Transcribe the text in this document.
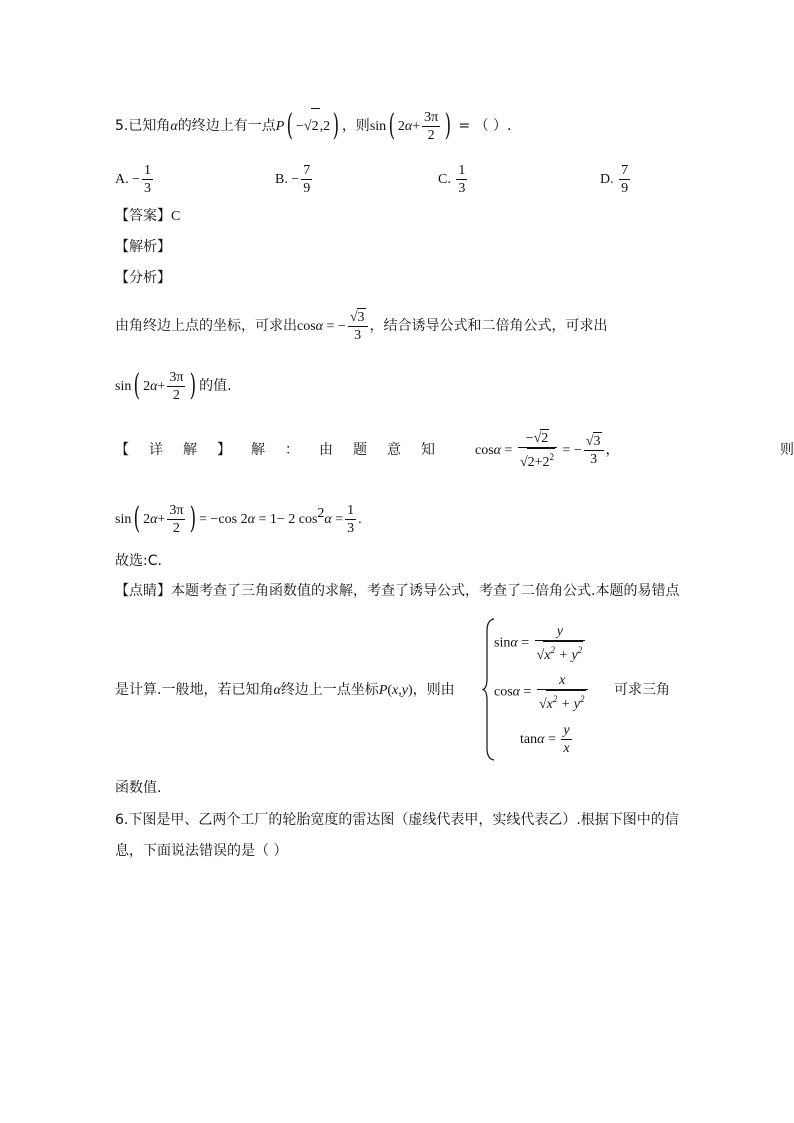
5.已知角α的终边上有一点P( −√2,2) ，则sin( $2\alpha+ \frac{3\pi}{2}$ ) = （ ）.
A. − $\frac{1}{3}$	B. − $\frac{7}{9}$	C. $\frac{1}{3}$	D. $\frac{7}{9}$
【答案】C
【解析】
【分析】
由角终边上点的坐标，可求出cosα = − $\frac{√3}{3}$ ，结合诱导公式和二倍角公式，可求出
sin( $2\alpha+ \frac{3\pi}{2}$ ) 的值.
【详解】解：由题意知 $\cos\alpha = \frac{-√2}{√2+2^2}$ = − $\frac{√3}{3}$ ，	则
sin( $2\alpha+ \frac{3\pi}{2}$ ) = −cos 2α = 1− 2 $\cos^2\alpha = \frac{1}{3}$ .
故选:C.
【点睛】本题考查了三角函数值的求解，考查了诱导公式，考查了二倍角公式.本题的易错点
是计算.一般地，若已知角α终边上一点坐标P(x,y)，则由
$\sin\alpha = \frac{y}{√x^2 + y^2}$
$\cos\alpha = \frac{x}{√x^2 + y^2}$
$\tan\alpha = \frac{y}{x}$
可求三角
函数值.
6.下图是甲、乙两个工厂的轮胎宽度的雷达图（虚线代表甲，实线代表乙）.根据下图中的信
息，下面说法错误的是（ ）
